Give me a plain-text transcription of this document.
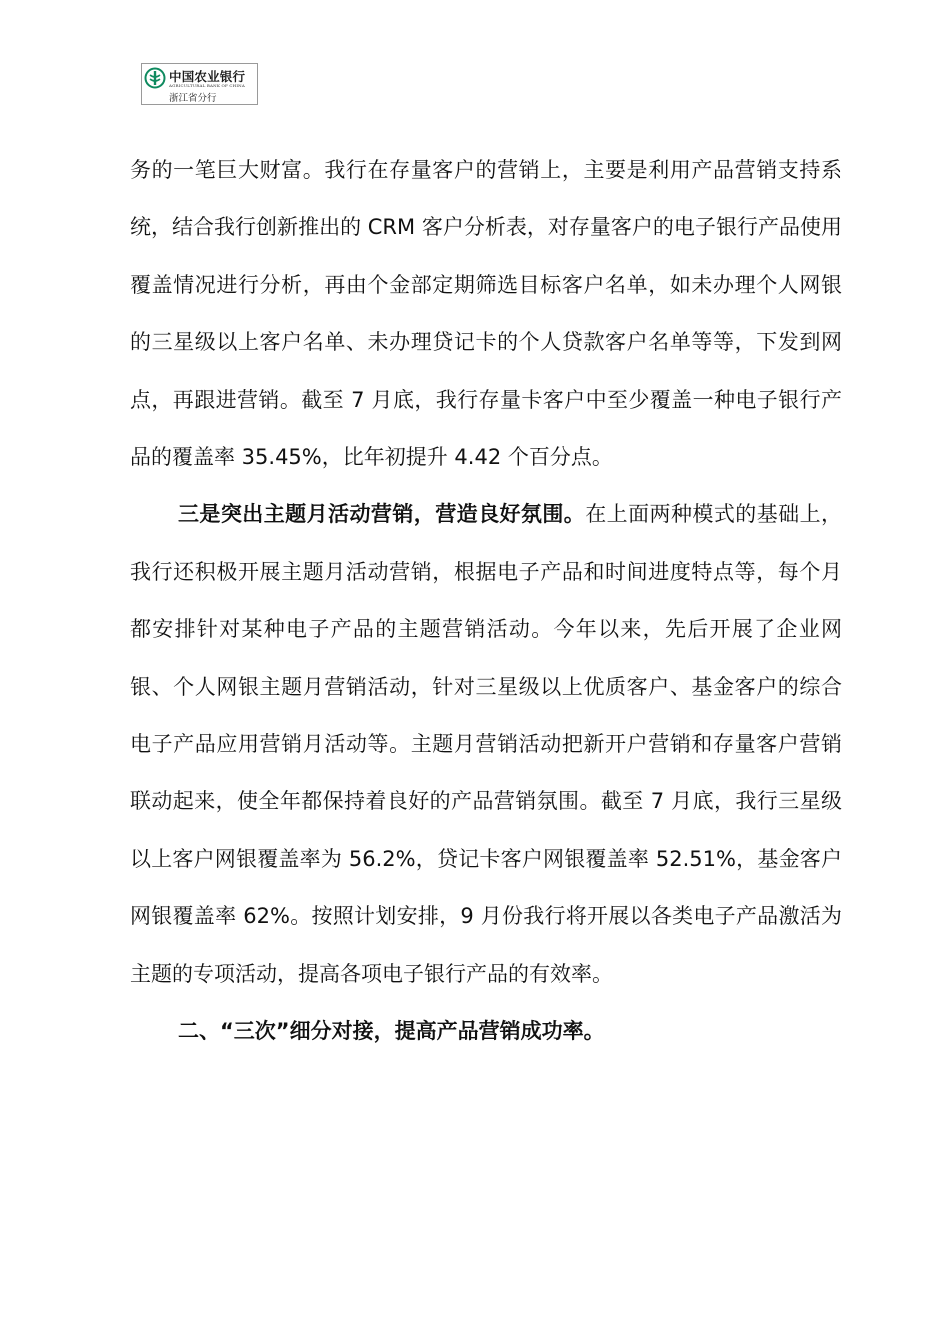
中国农业银行
AGRICULTURAL BANK OF CHINA
浙江省分行

务的一笔巨大财富。我行在存量客户的营销上，主要是利用产品营销支持系统，结合我行创新推出的 CRM 客户分析表，对存量客户的电子银行产品使用覆盖情况进行分析，再由个金部定期筛选目标客户名单，如未办理个人网银的三星级以上客户名单、未办理贷记卡的个人贷款客户名单等等，下发到网点，再跟进营销。截至 7 月底，我行存量卡客户中至少覆盖一种电子银行产品的覆盖率 35.45%，比年初提升 4.42 个百分点。

三是突出主题月活动营销，营造良好氛围。在上面两种模式的基础上，我行还积极开展主题月活动营销，根据电子产品和时间进度特点等，每个月都安排针对某种电子产品的主题营销活动。今年以来，先后开展了企业网银、个人网银主题月营销活动，针对三星级以上优质客户、基金客户的综合电子产品应用营销月活动等。主题月营销活动把新开户营销和存量客户营销联动起来，使全年都保持着良好的产品营销氛围。截至 7 月底，我行三星级以上客户网银覆盖率为 56.2%，贷记卡客户网银覆盖率 52.51%，基金客户网银覆盖率 62%。按照计划安排，9 月份我行将开展以各类电子产品激活为主题的专项活动，提高各项电子银行产品的有效率。

二、“三次”细分对接，提高产品营销成功率。
